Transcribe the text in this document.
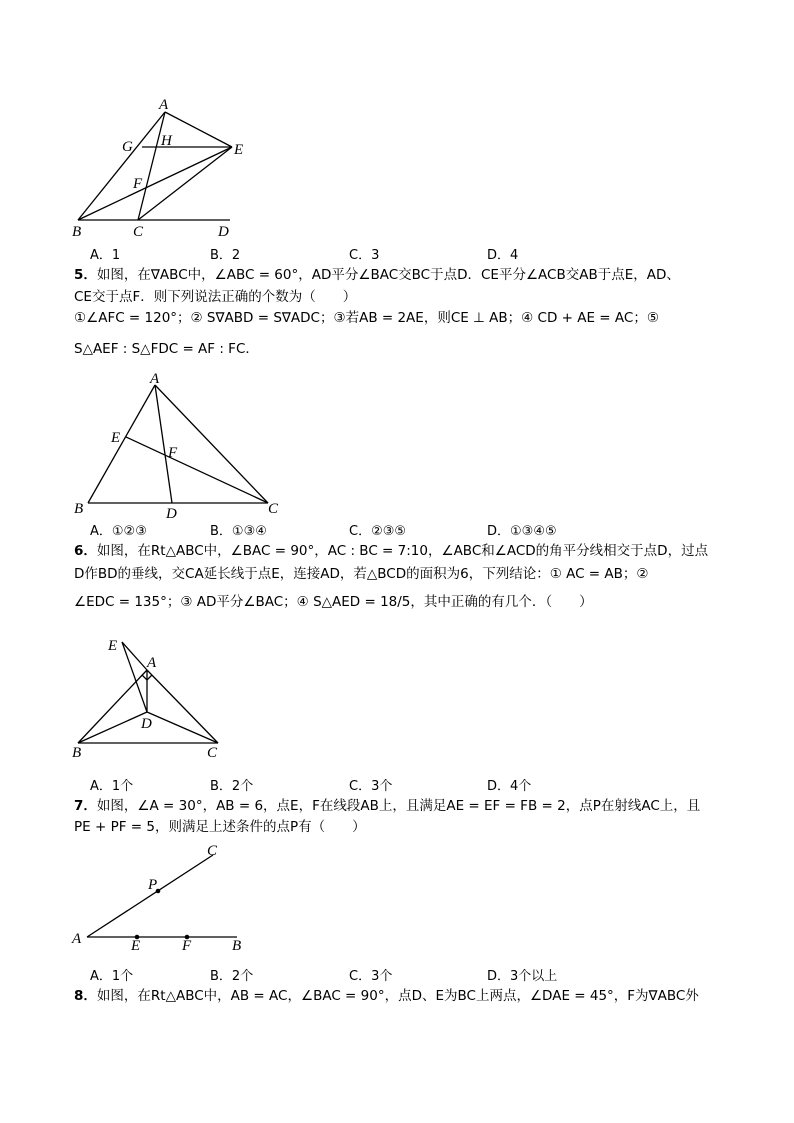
A
H
G	E
F
B	C	D
A．1	B．2	C．3	D．4
5．如图，在∇ABC中，∠ABC = 60°，AD平分∠BAC交BC于点D．CE平分∠ACB交AB于点E，AD、
CE交于点F．则下列说法正确的个数为（　　）
①∠AFC = 120°；② S∇ABD = S∇ADC；③若AB = 2AE，则CE ⊥ AB；④ CD + AE = AC；⑤
S△AEF : S△FDC = AF : FC．
A
E
F
B	D	C
A．①②③	B．①③④	C．②③⑤	D．①③④⑤
6．如图，在Rt△ABC中，∠BAC = 90°，AC : BC = 7:10，∠ABC和∠ACD的角平分线相交于点D，过点
D作BD的垂线，交CA延长线于点E，连接AD，若△BCD的面积为6，下列结论：① AC = AB；②
∠EDC = 135°；③ AD平分∠BAC；④ S△AED = 18/5，其中正确的有几个．（　　）
E
A
D
B	C
A．1个	B．2个	C．3个	D．4个
7．如图，∠A = 30°，AB = 6，点E，F在线段AB上，且满足AE = EF = FB = 2，点P在射线AC上，且
PE + PF = 5，则满足上述条件的点P有（　　）
C
P
A	E	F	B
A．1个	B．2个	C．3个	D．3个以上
8．如图，在Rt△ABC中，AB = AC，∠BAC = 90°，点D、E为BC上两点，∠DAE = 45°，F为∇ABC外
